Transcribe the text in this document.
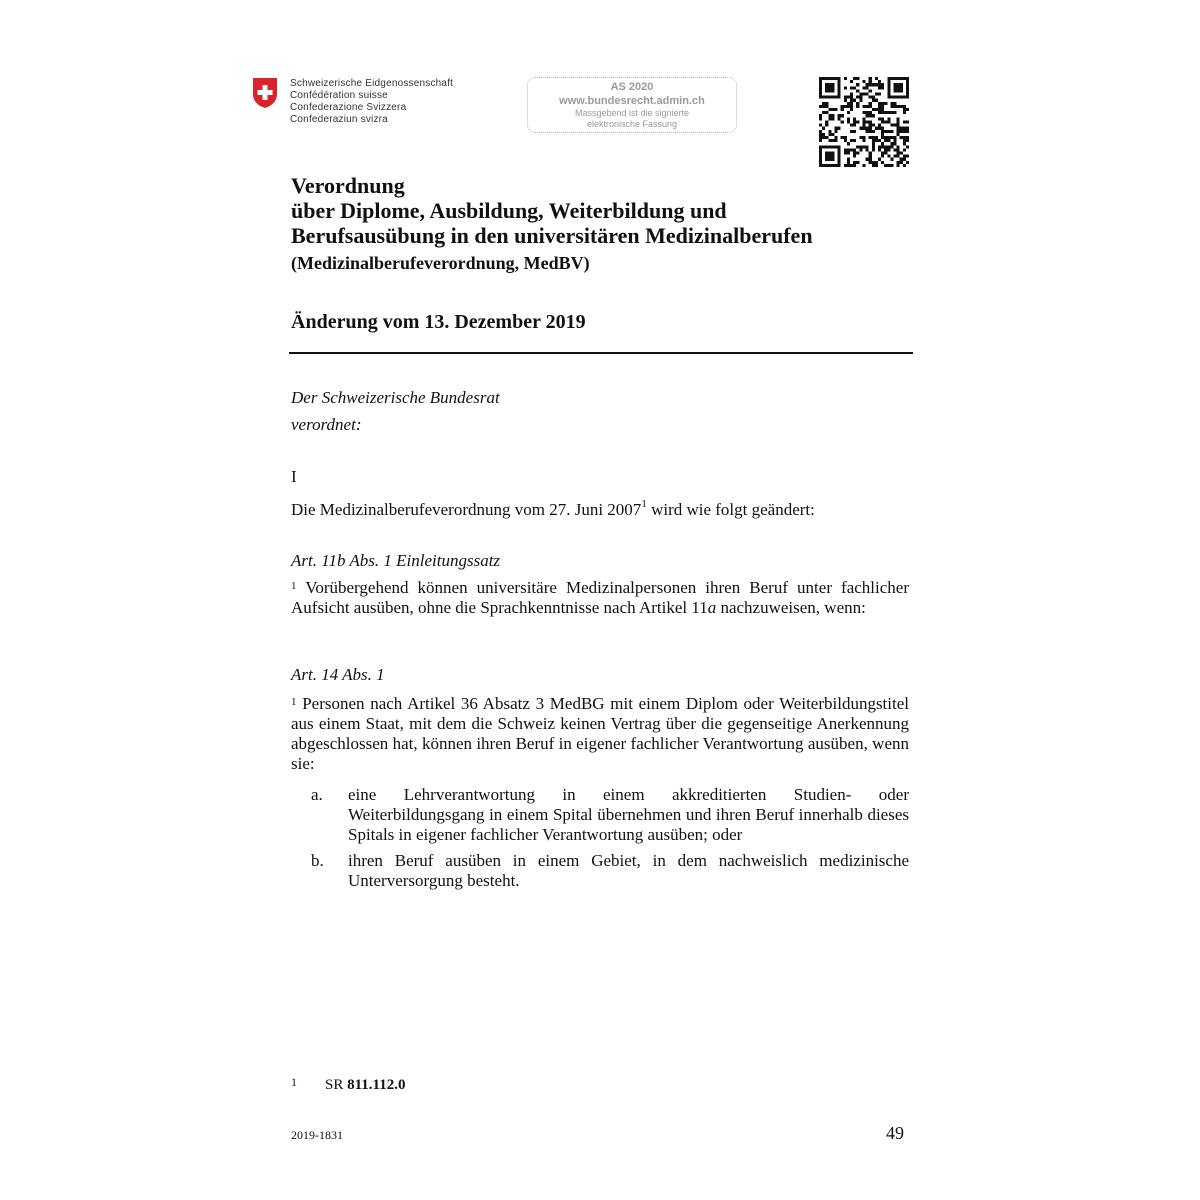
Schweizerische Eidgenossenschaft
Confédération suisse
Confederazione Svizzera
Confederaziun svizra
AS 2020
www.bundesrecht.admin.ch
Massgebend ist die signierte
elektronische Fassung
Verordnung
über Diplome, Ausbildung, Weiterbildung und
Berufsausübung in den universitären Medizinalberufen
(Medizinalberufeverordnung, MedBV)
Änderung vom 13. Dezember 2019
Der Schweizerische Bundesrat
verordnet:
I
Die Medizinalberufeverordnung vom 27. Juni 2007$^1$ wird wie folgt geändert:
Art. 11b Abs. 1 Einleitungssatz
$^1$ Vorübergehend können universitäre Medizinalpersonen ihren Beruf unter fachlicher Aufsicht ausüben, ohne die Sprachkenntnisse nach Artikel 11a nachzuweisen, wenn:
Art. 14 Abs. 1
$^1$ Personen nach Artikel 36 Absatz 3 MedBG mit einem Diplom oder Weiterbildungstitel aus einem Staat, mit dem die Schweiz keinen Vertrag über die gegenseitige Anerkennung abgeschlossen hat, können ihren Beruf in eigener fachlicher Verantwortung ausüben, wenn sie:
a.	eine Lehrverantwortung in einem akkreditierten Studien- oder Weiterbildungsgang in einem Spital übernehmen und ihren Beruf innerhalb dieses Spitals in eigener fachlicher Verantwortung ausüben; oder
b.	ihren Beruf ausüben in einem Gebiet, in dem nachweislich medizinische Unterversorgung besteht.
1 SR 811.112.0
2019-1831	49
